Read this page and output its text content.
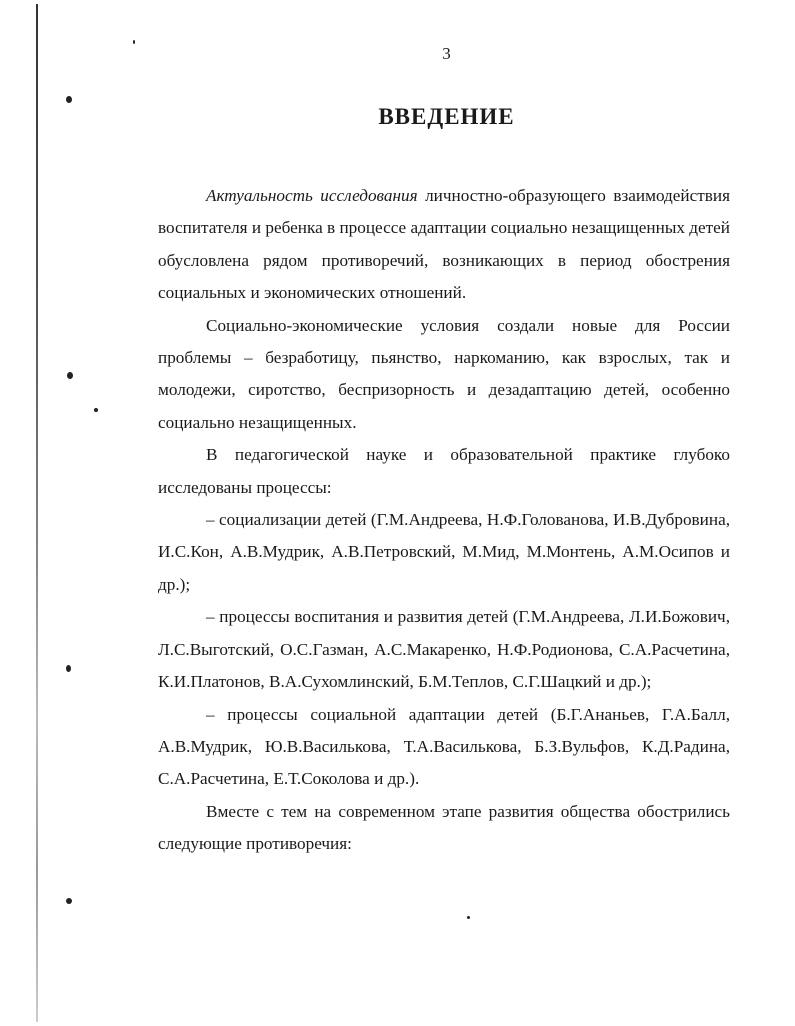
3
ВВЕДЕНИЕ

Актуальность исследования личностно-образующего взаимодействия воспитателя и ребенка в процессе адаптации социально незащищенных детей обусловлена рядом противоречий, возникающих в период обострения социальных и экономических отношений.

Социально-экономические условия создали новые для России проблемы – безработицу, пьянство, наркоманию, как взрослых, так и молодежи, сиротство, беспризорность и дезадаптацию детей, особенно социально незащищенных.

В педагогической науке и образовательной практике глубоко исследованы процессы:

– социализации детей (Г.М.Андреева, Н.Ф.Голованова, И.В.Дубровина, И.С.Кон, А.В.Мудрик, А.В.Петровский, М.Мид, М.Монтень, А.М.Осипов и др.);

– процессы воспитания и развития детей (Г.М.Андреева, Л.И.Божович, Л.С.Выготский, О.С.Газман, А.С.Макаренко, Н.Ф.Родионова, С.А.Расчетина, К.И.Платонов, В.А.Сухомлинский, Б.М.Теплов, С.Г.Шацкий и др.);

– процессы социальной адаптации детей (Б.Г.Ананьев, Г.А.Балл, А.В.Мудрик, Ю.В.Василькова, Т.А.Василькова, Б.З.Вульфов, К.Д.Радина, С.А.Расчетина, Е.Т.Соколова и др.).

Вместе с тем на современном этапе развития общества обострились следующие противоречия:
